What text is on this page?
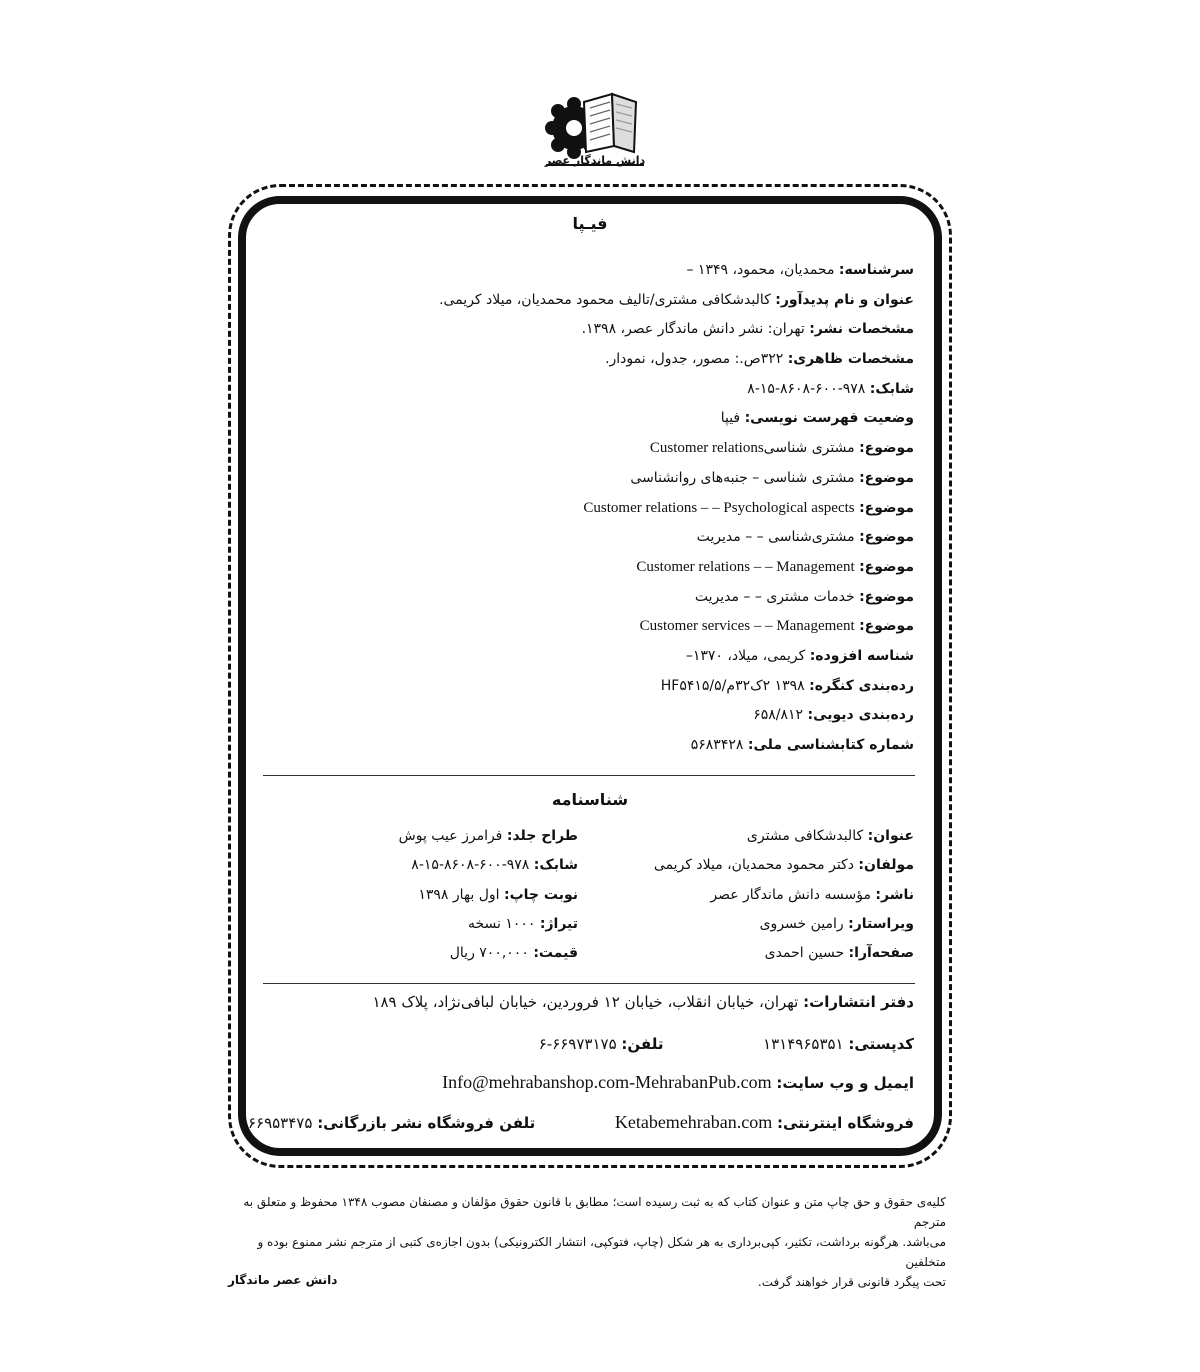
دانش ماندگار عصر
فیـپا
سرشناسه: محمدیان، محمود، ۱۳۴۹ –
عنوان و نام پدیدآور: کالبدشکافی مشتری/تالیف محمود محمدیان، میلاد کریمی.
مشخصات نشر: تهران: نشر دانش ماندگار عصر، ۱۳۹۸.
مشخصات ظاهری: ۳۲۲ص.: مصور، جدول، نمودار.
شابک: ۹۷۸-۶۰۰-۸۶۰۸-۱۵-۸
وضعیت فهرست نویسی: فیپا
موضوع: مشتری شناسیCustomer relations
موضوع: مشتری شناسی – جنبه‌های روانشناسی
موضوع: Customer relations – – Psychological aspects
موضوع: مشتری‌شناسی – – مدیریت
موضوع: Customer relations – – Management
موضوع: خدمات مشتری – – مدیریت
موضوع: Customer services – – Management
شناسه افزوده: کریمی، میلاد، ۱۳۷۰–
رده‌بندی کنگره: ۱۳۹۸ ۲ک۳۲م/۵/HF۵۴۱۵
رده‌بندی دیویی: ۶۵۸/۸۱۲
شماره کتابشناسی ملی: ۵۶۸۳۴۲۸
شناسنامه
عنوان: کالبدشکافی مشتری
مولفان: دکتر محمود محمدیان، میلاد کریمی
ناشر: مؤسسه دانش ماندگار عصر
ویراستار: رامین خسروی
صفحه‌آرا: حسین احمدی
طراح جلد: فرامرز عیب پوش
شابک: ۹۷۸-۶۰۰-۸۶۰۸-۱۵-۸
نوبت چاپ: اول بهار ۱۳۹۸
تیراژ: ۱۰۰۰ نسخه
قیمت: ۷۰۰,۰۰۰ ریال
دفتر انتشارات: تهران، خیابان انقلاب، خیابان ۱۲ فروردین، خیابان لبافی‌نژاد، پلاک ۱۸۹
کدپستی: ۱۳۱۴۹۶۵۳۵۱  تلفن: ۶۶۹۷۳۱۷۵-۶
ایمیل و وب سایت: Info@mehrabanshop.com-MehrabanPub.com
فروشگاه اینترنتی: Ketabemehraban.com  تلفن فروشگاه نشر بازرگانی: ۶۶۹۵۳۴۷۵
کلیه‌ی حقوق و حق چاپ متن و عنوان کتاب که به ثبت رسیده است؛ مطابق با قانون حقوق مؤلفان و مصنفان مصوب ۱۳۴۸ محفوظ و متعلق به مترجم
می‌باشد. هرگونه برداشت، تکثیر، کپی‌برداری به هر شکل (چاپ، فتوکپی، انتشار الکترونیکی) بدون اجازه‌ی کتبی از مترجم نشر ممنوع بوده و متخلفین
تحت پیگرد قانونی قرار خواهند گرفت.
دانش عصر ماندگار
